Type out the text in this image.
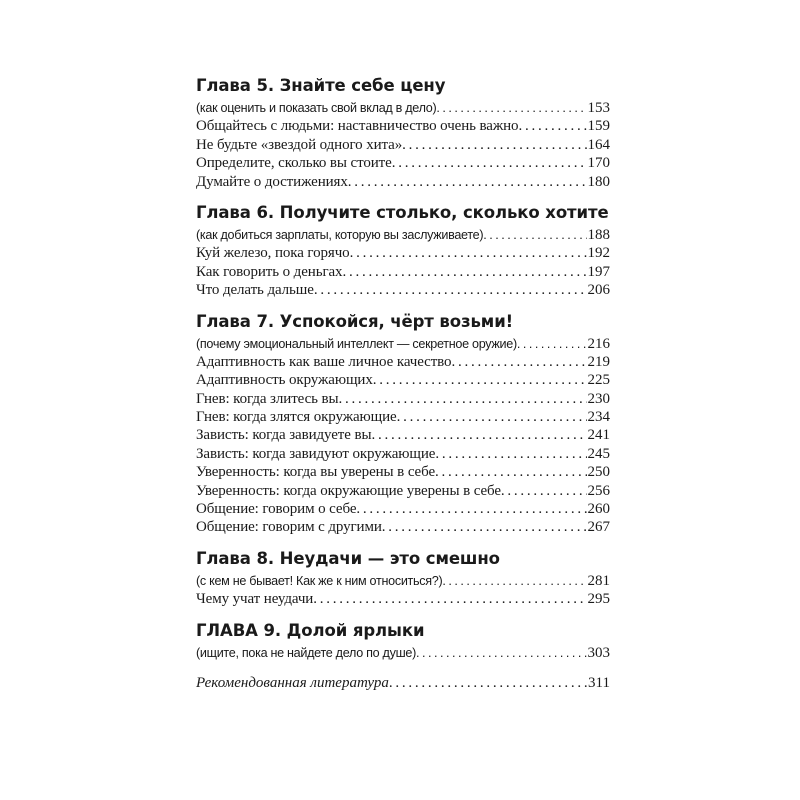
Глава 5. Знайте себе цену
(как оценить и показать свой вклад в дело) . . .	153
Общайтесь с людьми: наставничество очень важно . . .	159
Не будьте «звездой одного хита» . . .	164
Определите, сколько вы стоите . . .	170
Думайте о достижениях . . .	180
Глава 6. Получите столько, сколько хотите
(как добиться зарплаты, которую вы заслуживаете) . . .	188
Куй железо, пока горячо . . .	192
Как говорить о деньгах . . .	197
Что делать дальше . . .	206
Глава 7. Успокойся, чёрт возьми!
(почему эмоциональный интеллект — секретное оружие) . . .	216
Адаптивность как ваше личное качество . . .	219
Адаптивность окружающих . . .	225
Гнев: когда злитесь вы . . .	230
Гнев: когда злятся окружающие . . .	234
Зависть: когда завидуете вы . . .	241
Зависть: когда завидуют окружающие . . .	245
Уверенность: когда вы уверены в себе . . .	250
Уверенность: когда окружающие уверены в себе . . .	256
Общение: говорим о себе . . .	260
Общение: говорим с другими . . .	267
Глава 8. Неудачи — это смешно
(с кем не бывает! Как же к ним относиться?) . . .	281
Чему учат неудачи . . .	295
ГЛАВА 9. Долой ярлыки
(ищите, пока не найдете дело по душе) . . .	303
Рекомендованная литература . . .	311
